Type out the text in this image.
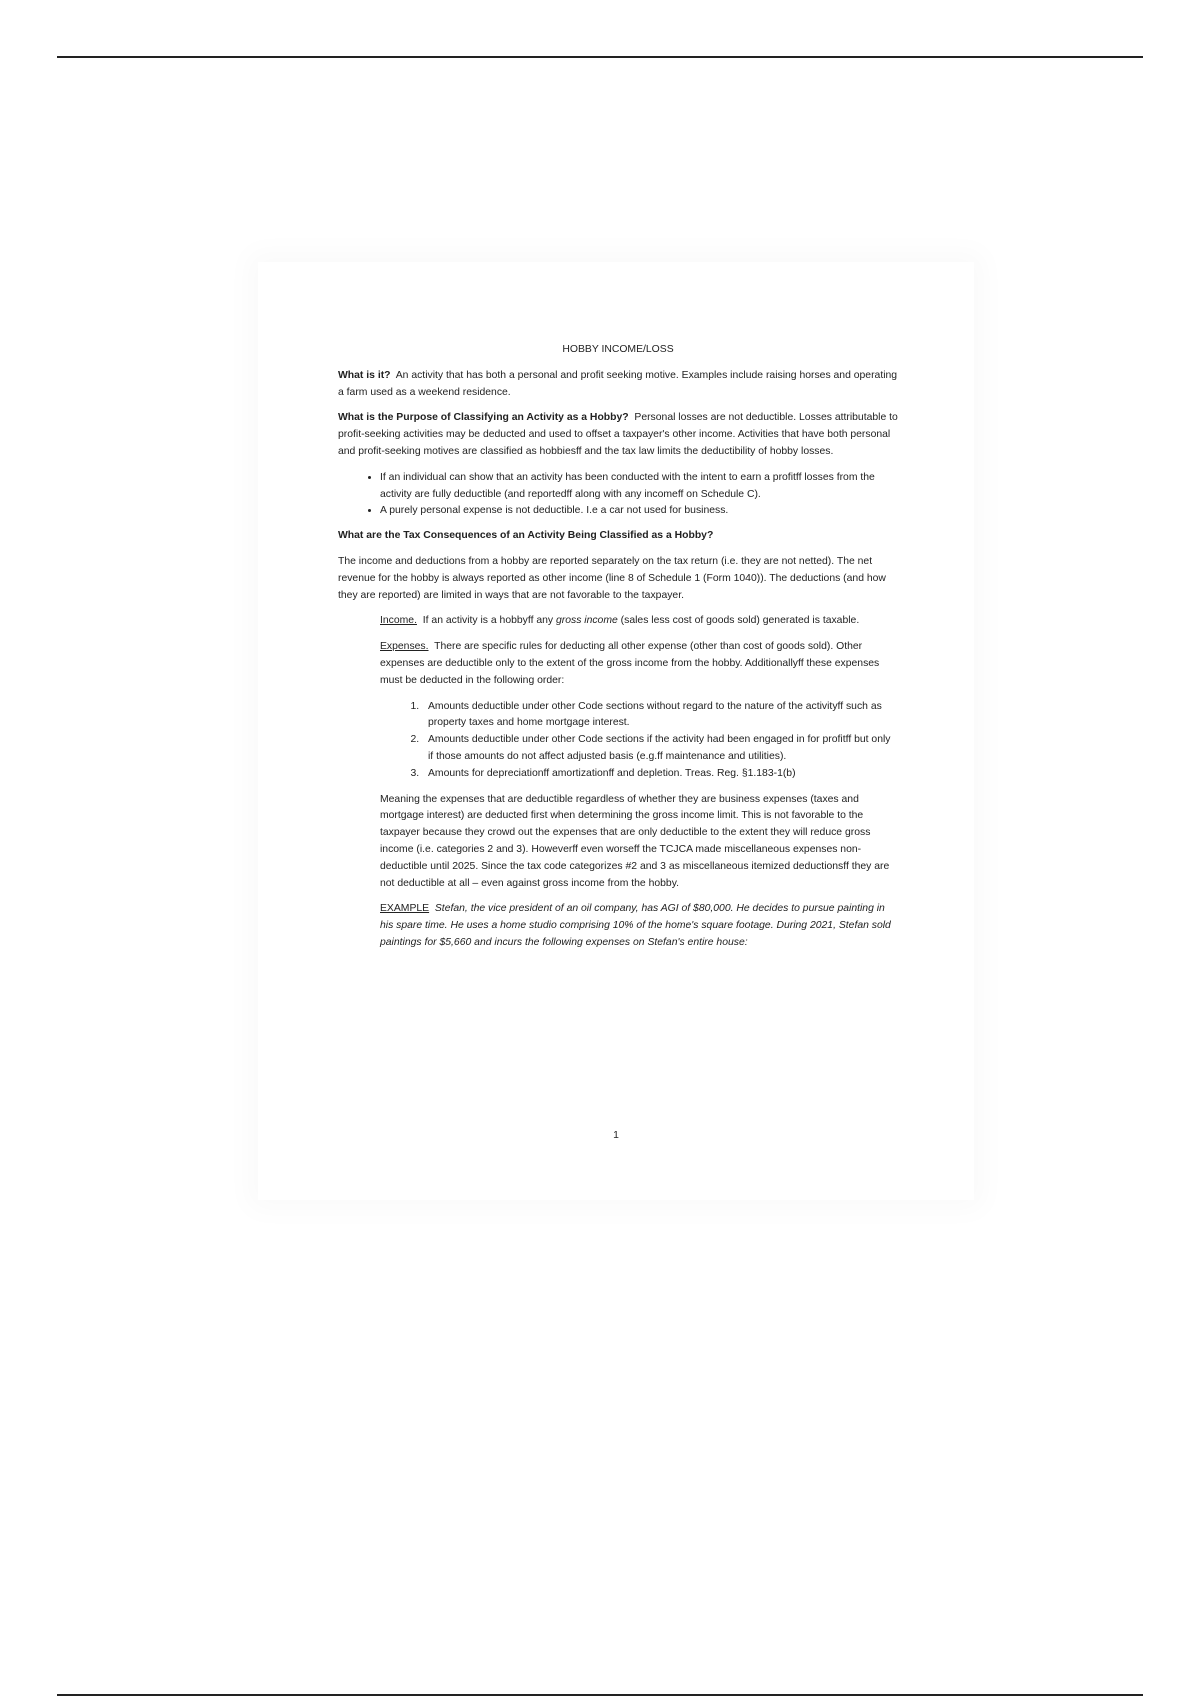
HOBBY INCOME/LOSS

What is it? An activity that has both a personal and profit seeking motive. Examples include raising horses and operating a farm used as a weekend residence.

What is the Purpose of Classifying an Activity as a Hobby? Personal losses are not deductible. Losses attributable to profit-seeking activities may be deducted and used to offset a taxpayer's other income. Activities that have both personal and profit-seeking motives are classified as hobbiesff and the tax law limits the deductibility of hobby losses.

• If an individual can show that an activity has been conducted with the intent to earn a profitff losses from the activity are fully deductible (and reportedff along with any incomeff on Schedule C).
• A purely personal expense is not deductible. I.e a car not used for business.

What are the Tax Consequences of an Activity Being Classified as a Hobby?

The income and deductions from a hobby are reported separately on the tax return (i.e. they are not netted). The net revenue for the hobby is always reported as other income (line 8 of Schedule 1 (Form 1040)). The deductions (and how they are reported) are limited in ways that are not favorable to the taxpayer.

Income. If an activity is a hobbyff any gross income (sales less cost of goods sold) generated is taxable.

Expenses. There are specific rules for deducting all other expense (other than cost of goods sold). Other expenses are deductible only to the extent of the gross income from the hobby. Additionallyff these expenses must be deducted in the following order:

1. Amounts deductible under other Code sections without regard to the nature of the activityff such as property taxes and home mortgage interest.
2. Amounts deductible under other Code sections if the activity had been engaged in for profitff but only if those amounts do not affect adjusted basis (e.g.ff maintenance and utilities).
3. Amounts for depreciationff amortizationff and depletion. Treas. Reg. §1.183-1(b)

Meaning the expenses that are deductible regardless of whether they are business expenses (taxes and mortgage interest) are deducted first when determining the gross income limit. This is not favorable to the taxpayer because they crowd out the expenses that are only deductible to the extent they will reduce gross income (i.e. categories 2 and 3). Howeverff even worseff the TCJCA made miscellaneous expenses non-deductible until 2025. Since the tax code categorizes #2 and 3 as miscellaneous itemized deductionsff they are not deductible at all – even against gross income from the hobby.

EXAMPLE Stefan, the vice president of an oil company, has AGI of $80,000. He decides to pursue painting in his spare time. He uses a home studio comprising 10% of the home's square footage. During 2021, Stefan sold paintings for $5,660 and incurs the following expenses on Stefan's entire house:

1
